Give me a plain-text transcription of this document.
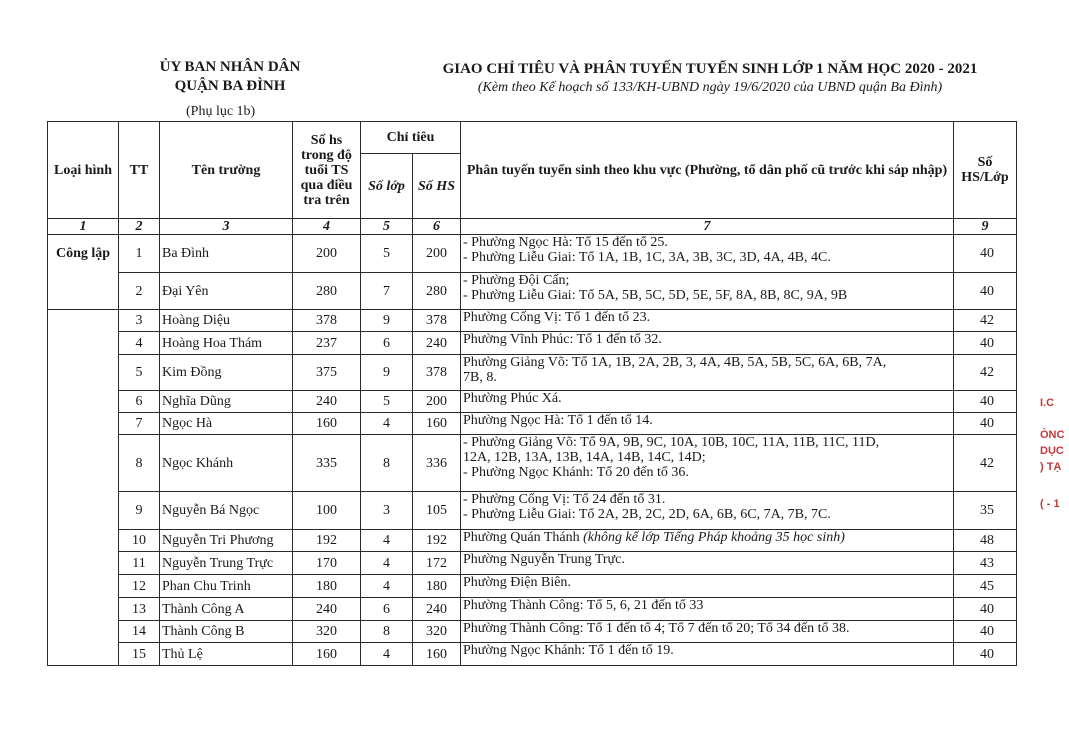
ỦY BAN NHÂN DÂN
QUẬN BA ĐÌNH
(Phụ lục 1b)
GIAO CHỈ TIÊU VÀ PHÂN TUYẾN TUYỂN SINH LỚP 1 NĂM HỌC 2020 - 2021
(Kèm theo Kế hoạch số 133/KH-UBND ngày 19/6/2020 của UBND quận Ba Đình)
Loại hình	TT	Tên trường	Số hs trong độ tuổi TS qua điều tra trên	Chỉ tiêu		Phân tuyến tuyển sinh theo khu vực (Phường, tổ dân phố cũ trước khi sáp nhập)	Số HS/Lớp
				Số lớp	Số HS		
1	2	3	4	5	6	7	9
Công lập	1	Ba Đình	200	5	200	- Phường Ngọc Hà: Tổ 15 đến tổ 25.
- Phường Liễu Giai: Tổ 1A, 1B, 1C, 3A, 3B, 3C, 3D, 4A, 4B, 4C.	40
	2	Đại Yên	280	7	280	- Phường Đội Cấn;
- Phường Liễu Giai: Tổ 5A, 5B, 5C, 5D, 5E, 5F, 8A, 8B, 8C, 9A, 9B	40
	3	Hoàng Diệu	378	9	378	Phường Cống Vị: Tổ 1 đến tổ 23.	42
	4	Hoàng Hoa Thám	237	6	240	Phường Vĩnh Phúc: Tổ 1 đến tổ 32.	40
	5	Kim Đồng	375	9	378	Phường Giảng Võ: Tổ 1A, 1B, 2A, 2B, 3, 4A, 4B, 5A, 5B, 5C, 6A, 6B, 7A,
7B, 8.	42
	6	Nghĩa Dũng	240	5	200	Phường Phúc Xá.	40
	7	Ngọc Hà	160	4	160	Phường Ngọc Hà: Tổ 1 đến tổ 14.	40
	8	Ngọc Khánh	335	8	336	- Phường Giảng Võ: Tổ 9A, 9B, 9C, 10A, 10B, 10C, 11A, 11B, 11C, 11D,
12A, 12B, 13A, 13B, 14A, 14B, 14C, 14D;
- Phường Ngọc Khánh: Tổ 20 đến tổ 36.	42
	9	Nguyễn Bá Ngọc	100	3	105	- Phường Cống Vị: Tổ 24 đến tổ 31.
- Phường Liễu Giai: Tổ 2A, 2B, 2C, 2D, 6A, 6B, 6C, 7A, 7B, 7C.	35
	10	Nguyễn Tri Phương	192	4	192	Phường Quán Thánh (không kể lớp Tiếng Pháp khoảng 35 học sinh)	48
	11	Nguyễn Trung Trực	170	4	172	Phường Nguyễn Trung Trực.	43
	12	Phan Chu Trinh	180	4	180	Phường Điện Biên.	45
	13	Thành Công A	240	6	240	Phường Thành Công: Tổ 5, 6, 21 đến tổ 33	40
	14	Thành Công B	320	8	320	Phường Thành Công: Tổ 1 đến tổ 4; Tổ 7 đến tổ 20; Tổ 34 đến tổ 38.	40
	15	Thủ Lệ	160	4	160	Phường Ngọc Khánh: Tổ 1 đến tổ 19.	40
I.C
ÒNC
DỤC
) TẠ
( - 1
